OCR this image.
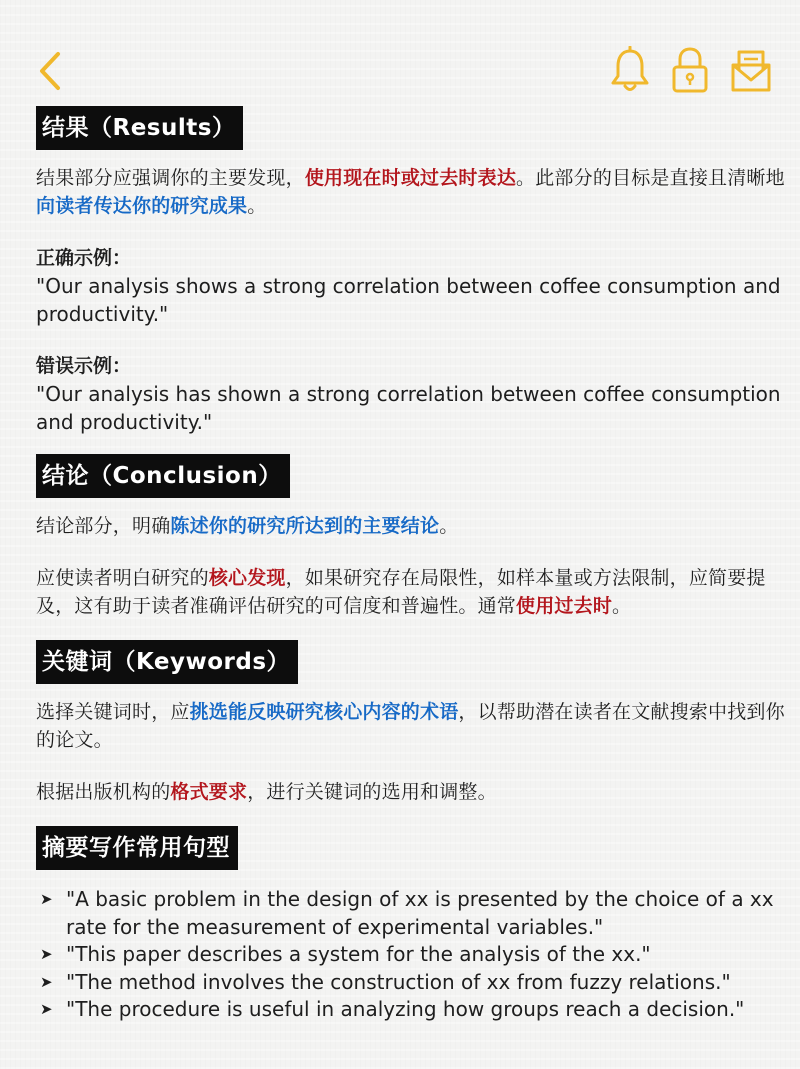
结果（Results）

结果部分应强调你的主要发现，使用现在时或过去时表达。此部分的目标是直接且清晰地向读者传达你的研究成果。

正确示例：

"Our analysis shows a strong correlation between coffee consumption and productivity."

错误示例：

"Our analysis has shown a strong correlation between coffee consumption and productivity."

结论（Conclusion）

结论部分，明确陈述你的研究所达到的主要结论。

应使读者明白研究的核心发现，如果研究存在局限性，如样本量或方法限制，应简要提及，这有助于读者准确评估研究的可信度和普遍性。通常使用过去时。

关键词（Keywords）

选择关键词时，应挑选能反映研究核心内容的术语，以帮助潜在读者在文献搜索中找到你的论文。

根据出版机构的格式要求，进行关键词的选用和调整。

摘要写作常用句型
➤ "A basic problem in the design of xx is presented by the choice of a xx rate for the measurement of experimental variables."
➤ "This paper describes a system for the analysis of the xx."
➤ "The method involves the construction of xx from fuzzy relations."
➤ "The procedure is useful in analyzing how groups reach a decision."
